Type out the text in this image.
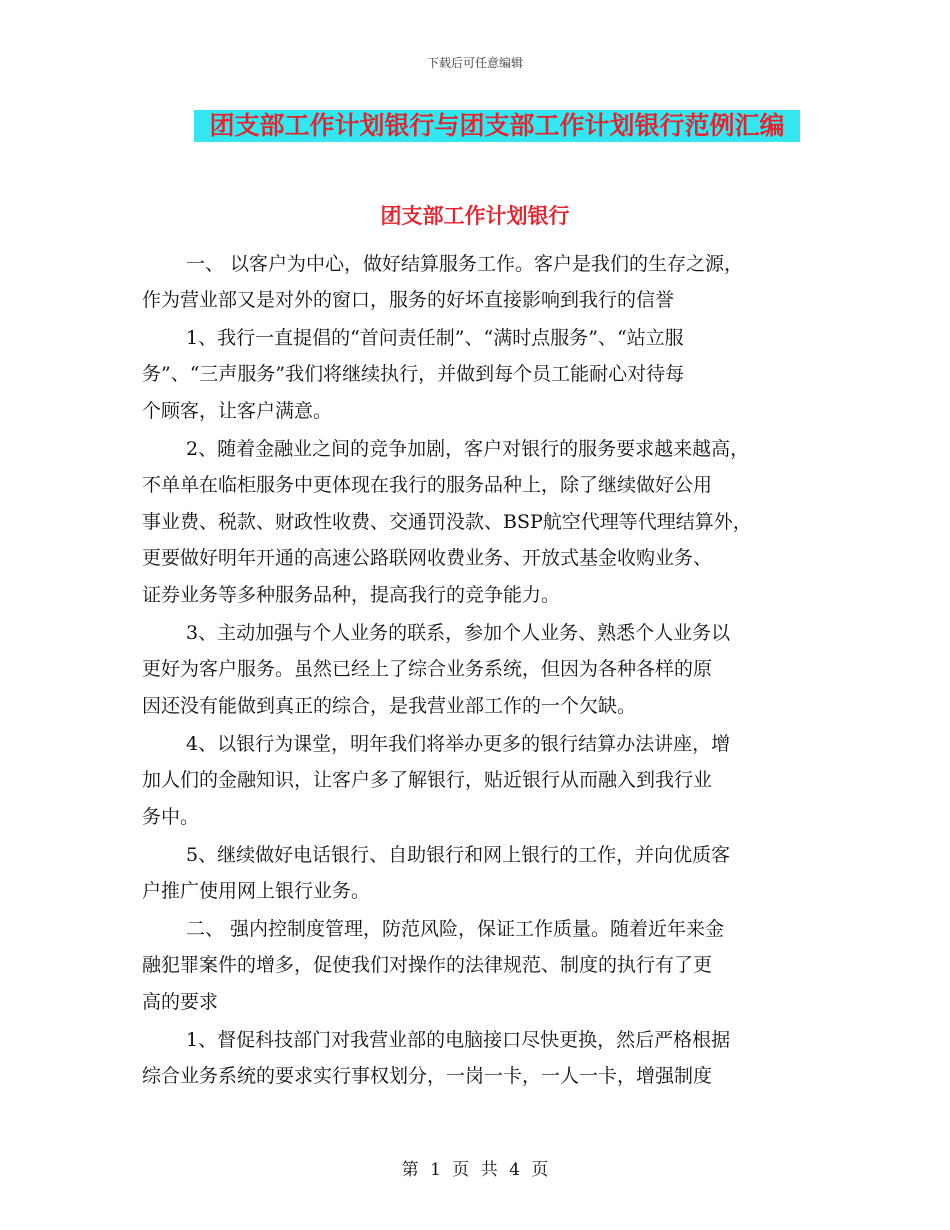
下载后可任意编辑
团支部工作计划银行与团支部工作计划银行范例汇编
团支部工作计划银行
一、 以客户为中心，做好结算服务工作。客户是我们的生存之源，
作为营业部又是对外的窗口，服务的好坏直接影响到我行的信誉
1、我行一直提倡的“首问责任制”、“满时点服务”、“站立服
务”、“三声服务”我们将继续执行，并做到每个员工能耐心对待每
个顾客，让客户满意。
2、随着金融业之间的竞争加剧，客户对银行的服务要求越来越高，
不单单在临柜服务中更体现在我行的服务品种上，除了继续做好公用
事业费、税款、财政性收费、交通罚没款、BSP航空代理等代理结算外，
更要做好明年开通的高速公路联网收费业务、开放式基金收购业务、
证券业务等多种服务品种，提高我行的竞争能力。
3、主动加强与个人业务的联系，参加个人业务、熟悉个人业务以
更好为客户服务。虽然已经上了综合业务系统，但因为各种各样的原
因还没有能做到真正的综合，是我营业部工作的一个欠缺。
4、以银行为课堂，明年我们将举办更多的银行结算办法讲座，增
加人们的金融知识，让客户多了解银行，贴近银行从而融入到我行业
务中。
5、继续做好电话银行、自助银行和网上银行的工作，并向优质客
户推广使用网上银行业务。
二、 强内控制度管理，防范风险，保证工作质量。随着近年来金
融犯罪案件的增多，促使我们对操作的法律规范、制度的执行有了更
高的要求
1、督促科技部门对我营业部的电脑接口尽快更换，然后严格根据
综合业务系统的要求实行事权划分，一岗一卡，一人一卡，增强制度
第 1 页 共 4 页
